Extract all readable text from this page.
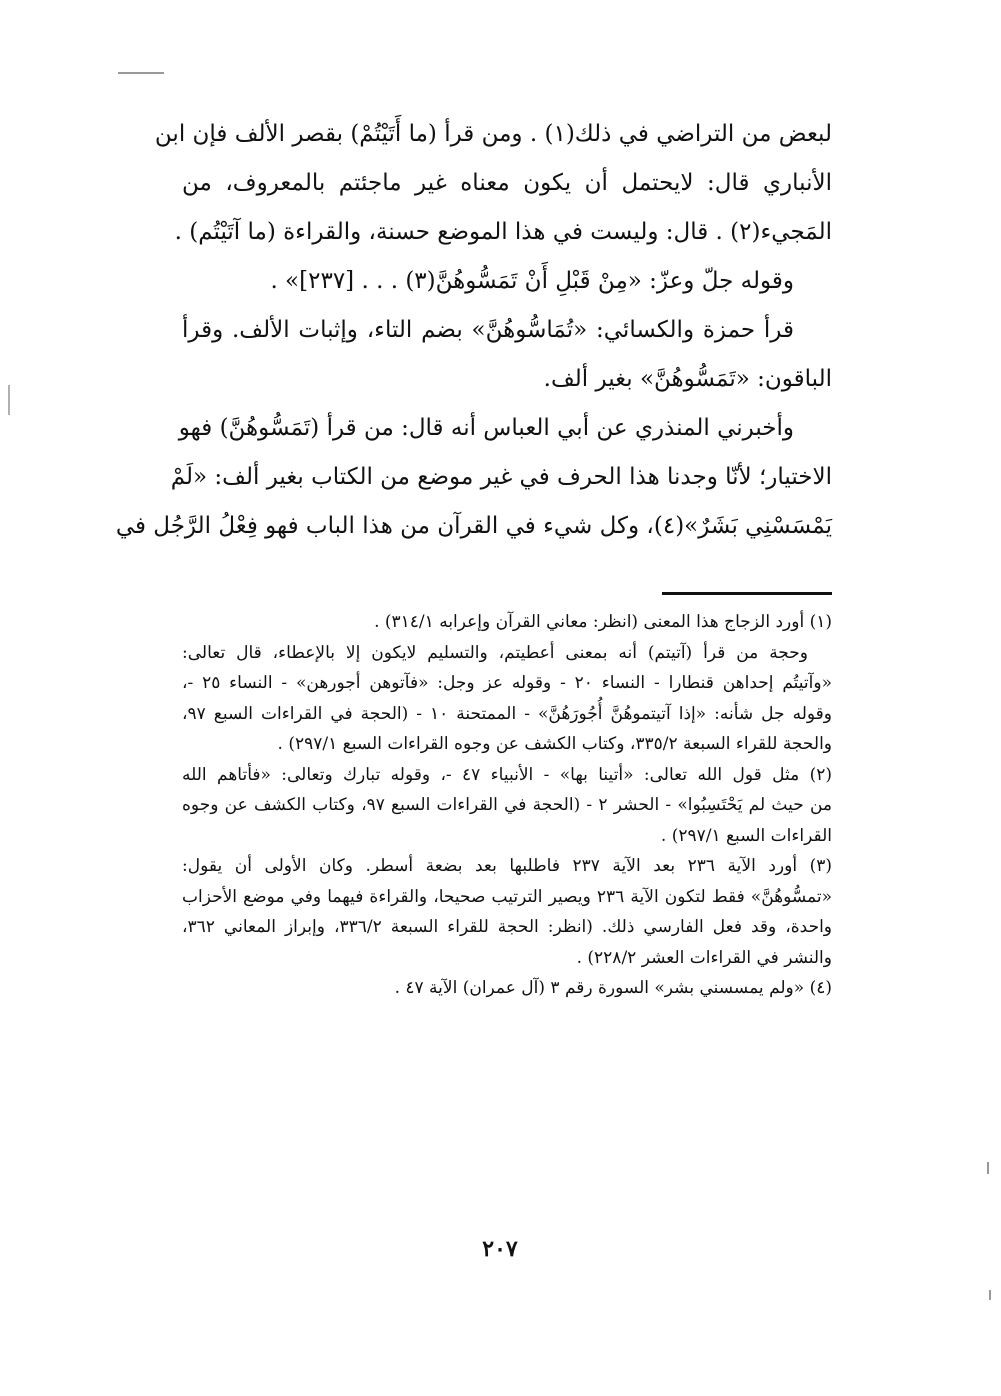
لبعض من التراضي في ذلك(١) . ومن قرأ (ما أَتَيْتُمْ) بقصر الألف فإن ابن
الأنباري قال: لايحتمل أن يكون معناه غير ماجئتم بالمعروف، من
المَجيء(٢) . قال: وليست في هذا الموضع حسنة، والقراءة (ما آتَيْتُم) .
وقوله جلّ وعزّ: «مِنْ قَبْلِ أَنْ تَمَسُّوهُنَّ(٣) . . . [٢٣٧]» .
قرأ حمزة والكسائي: «تُمَاسُّوهُنَّ» بضم التاء، وإثبات الألف. وقرأ
الباقون: «تَمَسُّوهُنَّ» بغير ألف.
وأخبرني المنذري عن أبي العباس أنه قال: من قرأ (تَمَسُّوهُنَّ) فهو
الاختيار؛ لأنّا وجدنا هذا الحرف في غير موضع من الكتاب بغير ألف: «لَمْ
يَمْسَسْنِي بَشَرٌ»(٤)، وكل شيء في القرآن من هذا الباب فهو فِعْلُ الرَّجُل في
(١) أورد الزجاج هذا المعنى (انظر: معاني القرآن وإعرابه ٣١٤/١) .
وحجة من قرأ (آتيتم) أنه بمعنى أعطيتم، والتسليم لايكون إلا بالإعطاء، قال تعالى:
«وآتيتُم إحداهن قنطارا - النساء ٢٠ - وقوله عز وجل: «فآتوهن أجورهن» - النساء ٢٥ -،
وقوله جل شأنه: «إذا آتيتموهُنَّ أُجُورَهُنَّ» - الممتحنة ١٠ - (الحجة في القراءات السبع ٩٧،
والحجة للقراء السبعة ٣٣٥/٢، وكتاب الكشف عن وجوه القراءات السبع ٢٩٧/١) .
(٢) مثل قول الله تعالى: «أتينا بها» - الأنبياء ٤٧ -، وقوله تبارك وتعالى: «فأتاهم الله
من حيث لم يَحْتَسِبُوا» - الحشر ٢ - (الحجة في القراءات السبع ٩٧، وكتاب الكشف عن وجوه
القراءات السبع ٢٩٧/١) .
(٣) أورد الآية ٢٣٦ بعد الآية ٢٣٧ فاطلبها بعد بضعة أسطر. وكان الأولى أن يقول:
«تمسُّوهُنَّ» فقط لتكون الآية ٢٣٦ ويصير الترتيب صحيحا، والقراءة فيهما وفي موضع الأحزاب
واحدة، وقد فعل الفارسي ذلك. (انظر: الحجة للقراء السبعة ٣٣٦/٢، وإبراز المعاني ٣٦٢،
والنشر في القراءات العشر ٢٢٨/٢) .
(٤) «ولم يمسسني بشر» السورة رقم ٣ (آل عمران) الآية ٤٧ .
٢٠٧
